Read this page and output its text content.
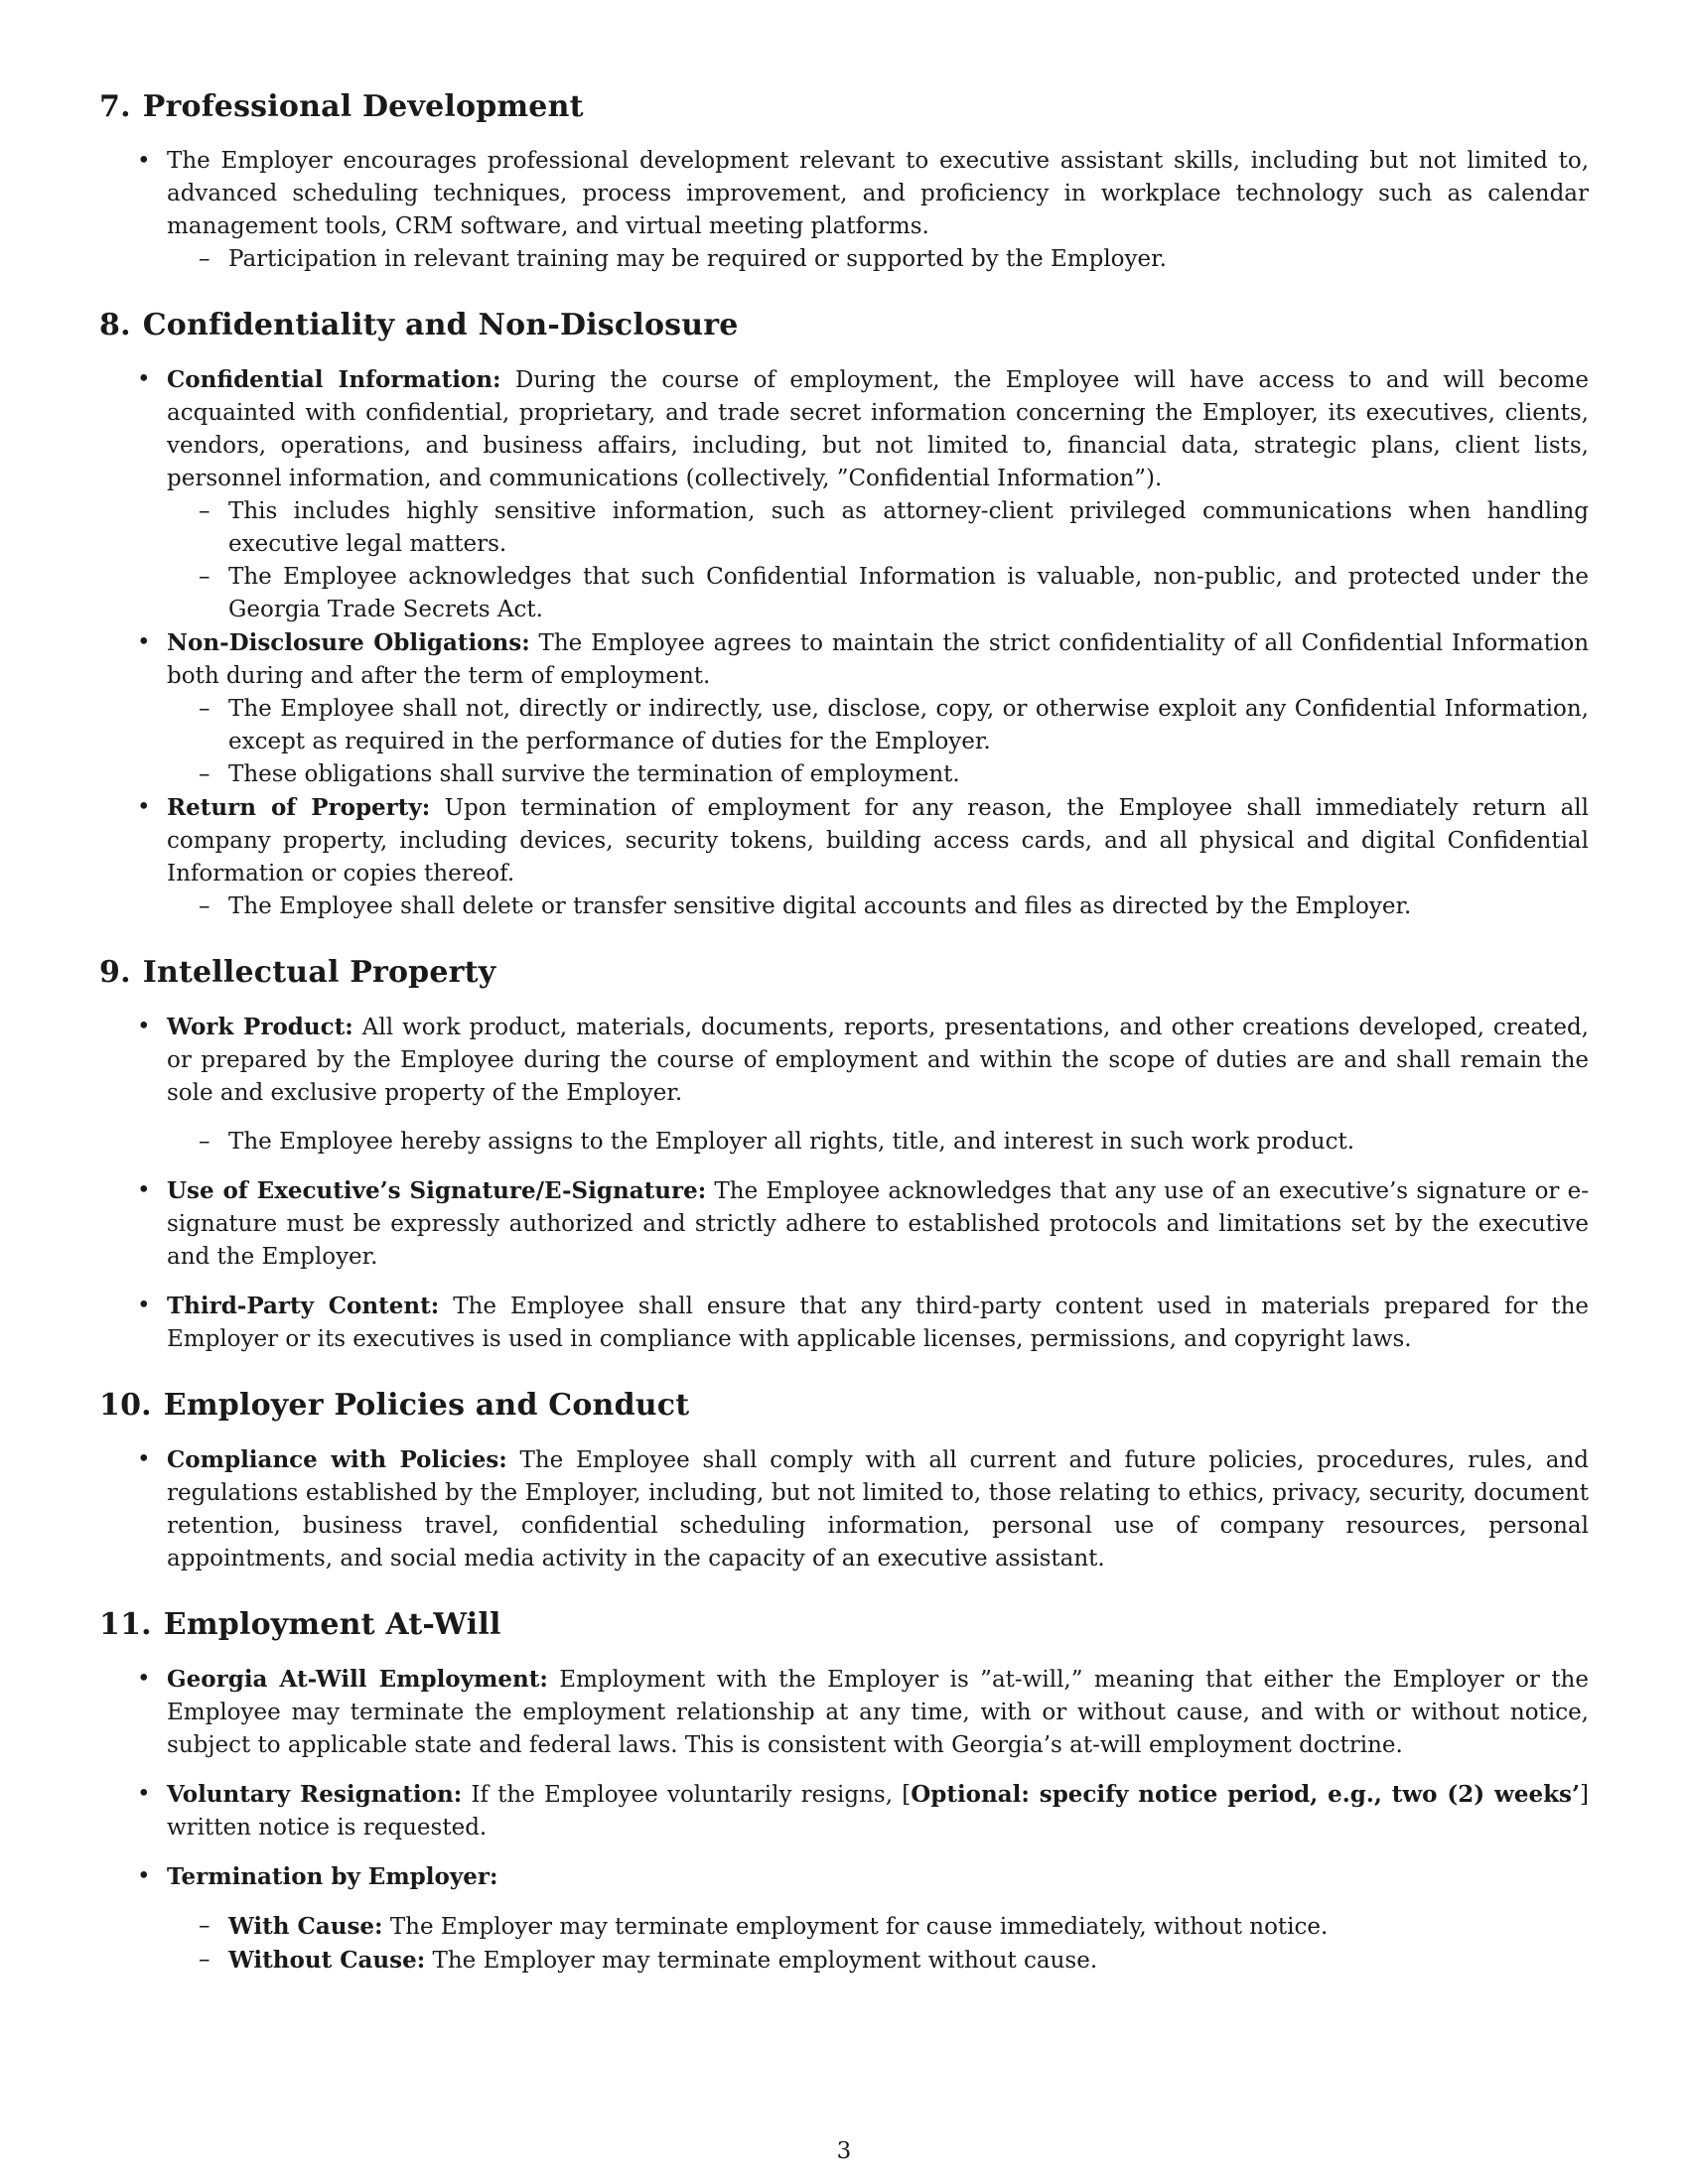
7. Professional Development
• The Employer encourages professional development relevant to executive assistant skills, including but not limited to, advanced scheduling techniques, process improvement, and proficiency in workplace technology such as calendar management tools, CRM software, and virtual meeting platforms.
– Participation in relevant training may be required or supported by the Employer.
8. Confidentiality and Non-Disclosure
• Confidential Information: During the course of employment, the Employee will have access to and will become acquainted with confidential, proprietary, and trade secret information concerning the Employer, its executives, clients, vendors, operations, and business affairs, including, but not limited to, financial data, strategic plans, client lists, personnel information, and communications (collectively, ”Confidential Information”).
– This includes highly sensitive information, such as attorney-client privileged communications when handling executive legal matters.
– The Employee acknowledges that such Confidential Information is valuable, non-public, and protected under the Georgia Trade Secrets Act.
• Non-Disclosure Obligations: The Employee agrees to maintain the strict confidentiality of all Confidential Information both during and after the term of employment.
– The Employee shall not, directly or indirectly, use, disclose, copy, or otherwise exploit any Confidential Information, except as required in the performance of duties for the Employer.
– These obligations shall survive the termination of employment.
• Return of Property: Upon termination of employment for any reason, the Employee shall immediately return all company property, including devices, security tokens, building access cards, and all physical and digital Confidential Information or copies thereof.
– The Employee shall delete or transfer sensitive digital accounts and files as directed by the Employer.
9. Intellectual Property
• Work Product: All work product, materials, documents, reports, presentations, and other creations developed, created, or prepared by the Employee during the course of employment and within the scope of duties are and shall remain the sole and exclusive property of the Employer.
– The Employee hereby assigns to the Employer all rights, title, and interest in such work product.
• Use of Executive’s Signature/E-Signature: The Employee acknowledges that any use of an executive’s signature or e-signature must be expressly authorized and strictly adhere to established protocols and limitations set by the executive and the Employer.
• Third-Party Content: The Employee shall ensure that any third-party content used in materials prepared for the Employer or its executives is used in compliance with applicable licenses, permissions, and copyright laws.
10. Employer Policies and Conduct
• Compliance with Policies: The Employee shall comply with all current and future policies, procedures, rules, and regulations established by the Employer, including, but not limited to, those relating to ethics, privacy, security, document retention, business travel, confidential scheduling information, personal use of company resources, personal appointments, and social media activity in the capacity of an executive assistant.
11. Employment At-Will
• Georgia At-Will Employment: Employment with the Employer is ”at-will,” meaning that either the Employer or the Employee may terminate the employment relationship at any time, with or without cause, and with or without notice, subject to applicable state and federal laws. This is consistent with Georgia’s at-will employment doctrine.
• Voluntary Resignation: If the Employee voluntarily resigns, [Optional: specify notice period, e.g., two (2) weeks’] written notice is requested.
• Termination by Employer:
– With Cause: The Employer may terminate employment for cause immediately, without notice.
– Without Cause: The Employer may terminate employment without cause.
3
